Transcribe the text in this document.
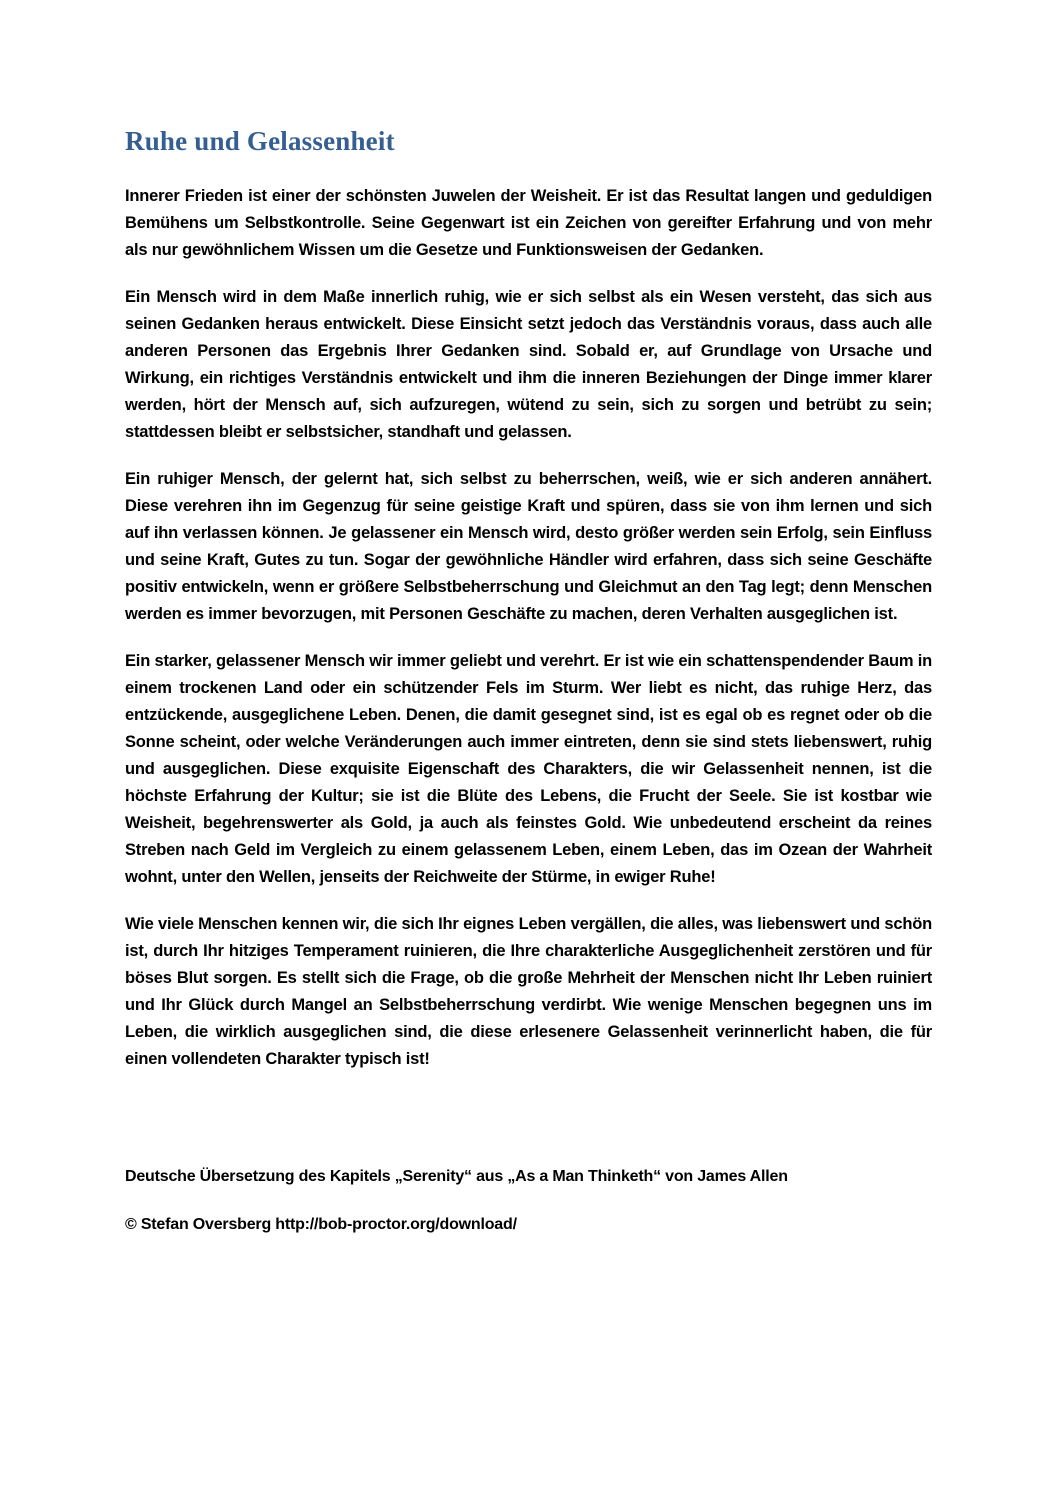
Ruhe und Gelassenheit

Innerer Frieden ist einer der schönsten Juwelen der Weisheit. Er ist das Resultat langen und geduldigen Bemühens um Selbstkontrolle. Seine Gegenwart ist ein Zeichen von gereifter Erfahrung und von mehr als nur gewöhnlichem Wissen um die Gesetze und Funktionsweisen der Gedanken.

Ein Mensch wird in dem Maße innerlich ruhig, wie er sich selbst als ein Wesen versteht, das sich aus seinen Gedanken heraus entwickelt. Diese Einsicht setzt jedoch das Verständnis voraus, dass auch alle anderen Personen das Ergebnis Ihrer Gedanken sind. Sobald er, auf Grundlage von Ursache und Wirkung, ein richtiges Verständnis entwickelt und ihm die inneren Beziehungen der Dinge immer klarer werden, hört der Mensch auf, sich aufzuregen, wütend zu sein, sich zu sorgen und betrübt zu sein; stattdessen bleibt er selbstsicher, standhaft und gelassen.

Ein ruhiger Mensch, der gelernt hat, sich selbst zu beherrschen, weiß, wie er sich anderen annähert. Diese verehren ihn im Gegenzug für seine geistige Kraft und spüren, dass sie von ihm lernen und sich auf ihn verlassen können. Je gelassener ein Mensch wird, desto größer werden sein Erfolg, sein Einfluss und seine Kraft, Gutes zu tun. Sogar der gewöhnliche Händler wird erfahren, dass sich seine Geschäfte positiv entwickeln, wenn er größere Selbstbeherrschung und Gleichmut an den Tag legt; denn Menschen werden es immer bevorzugen, mit Personen Geschäfte zu machen, deren Verhalten ausgeglichen ist.

Ein starker, gelassener Mensch wir immer geliebt und verehrt. Er ist wie ein schattenspendender Baum in einem trockenen Land oder ein schützender Fels im Sturm. Wer liebt es nicht, das ruhige Herz, das entzückende, ausgeglichene Leben. Denen, die damit gesegnet sind, ist es egal ob es regnet oder ob die Sonne scheint, oder welche Veränderungen auch immer eintreten, denn sie sind stets liebenswert, ruhig und ausgeglichen. Diese exquisite Eigenschaft des Charakters, die wir Gelassenheit nennen, ist die höchste Erfahrung der Kultur; sie ist die Blüte des Lebens, die Frucht der Seele. Sie ist kostbar wie Weisheit, begehrenswerter als Gold, ja auch als feinstes Gold. Wie unbedeutend erscheint da reines Streben nach Geld im Vergleich zu einem gelassenem Leben, einem Leben, das im Ozean der Wahrheit wohnt, unter den Wellen, jenseits der Reichweite der Stürme, in ewiger Ruhe!

Wie viele Menschen kennen wir, die sich Ihr eignes Leben vergällen, die alles, was liebenswert und schön ist, durch Ihr hitziges Temperament ruinieren, die Ihre charakterliche Ausgeglichenheit zerstören und für böses Blut sorgen. Es stellt sich die Frage, ob die große Mehrheit der Menschen nicht Ihr Leben ruiniert und Ihr Glück durch Mangel an Selbstbeherrschung verdirbt. Wie wenige Menschen begegnen uns im Leben, die wirklich ausgeglichen sind, die diese erlesenere Gelassenheit verinnerlicht haben, die für einen vollendeten Charakter typisch ist!

Deutsche Übersetzung des Kapitels „Serenity“ aus „As a Man Thinketh“ von James Allen

© Stefan Oversberg http://bob-proctor.org/download/
